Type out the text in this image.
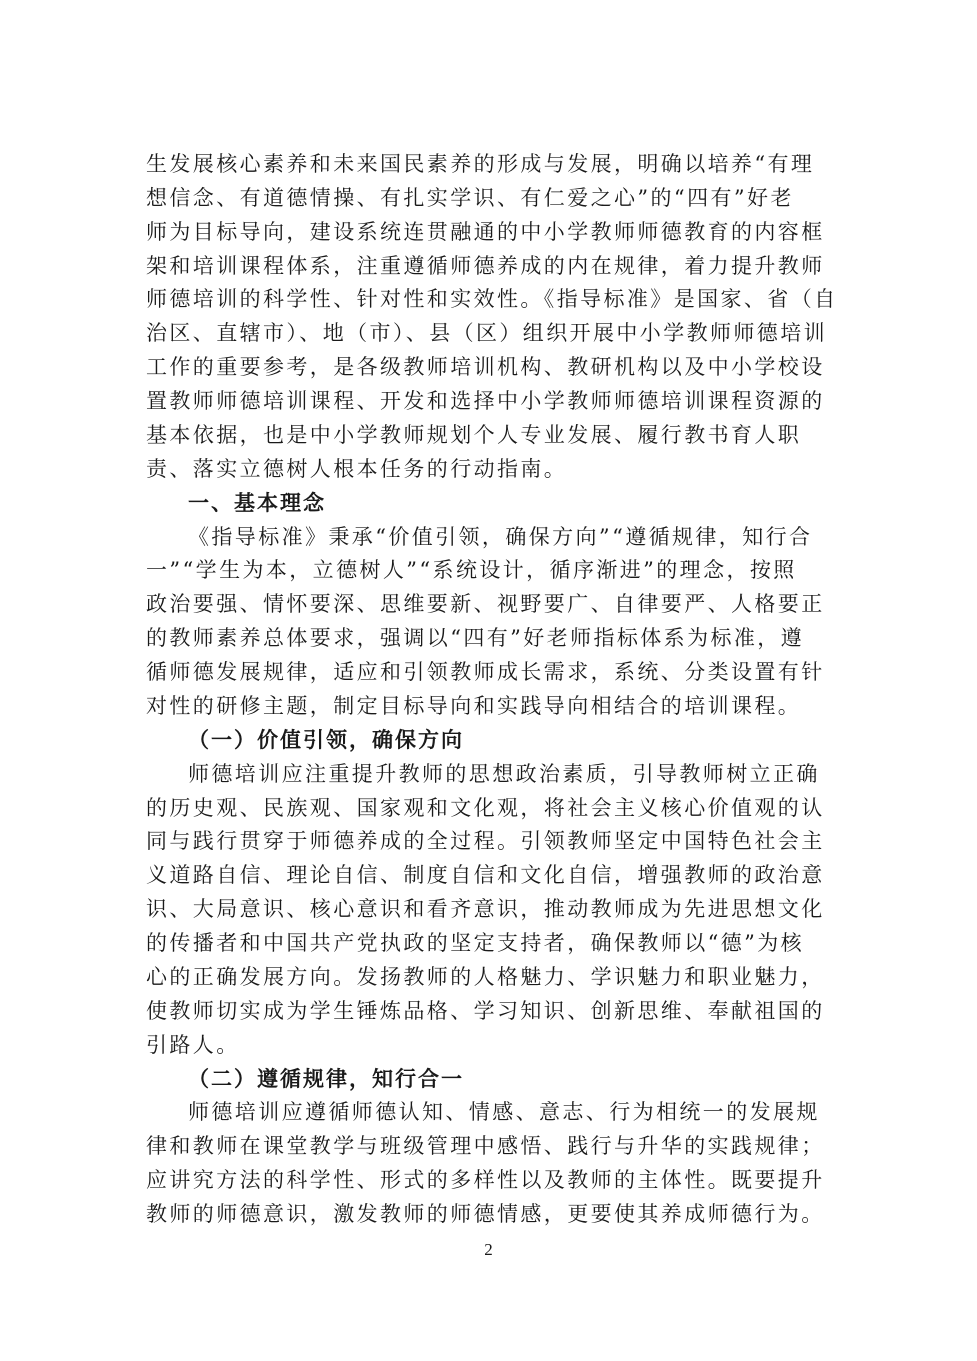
生发展核心素养和未来国民素养的形成与发展，明确以培养“有理
想信念、有道德情操、有扎实学识、有仁爱之心”的“四有”好老
师为目标导向，建设系统连贯融通的中小学教师师德教育的内容框
架和培训课程体系，注重遵循师德养成的内在规律，着力提升教师
师德培训的科学性、针对性和实效性。《指导标准》是国家、省（自
治区、直辖市）、地（市）、县（区）组织开展中小学教师师德培训
工作的重要参考，是各级教师培训机构、教研机构以及中小学校设
置教师师德培训课程、开发和选择中小学教师师德培训课程资源的
基本依据，也是中小学教师规划个人专业发展、履行教书育人职
责、落实立德树人根本任务的行动指南。
一、基本理念
《指导标准》秉承“价值引领，确保方向”“遵循规律，知行合
一”“学生为本，立德树人”“系统设计，循序渐进”的理念，按照
政治要强、情怀要深、思维要新、视野要广、自律要严、人格要正
的教师素养总体要求，强调以“四有”好老师指标体系为标准，遵
循师德发展规律，适应和引领教师成长需求，系统、分类设置有针
对性的研修主题，制定目标导向和实践导向相结合的培训课程。
（一）价值引领，确保方向
师德培训应注重提升教师的思想政治素质，引导教师树立正确
的历史观、民族观、国家观和文化观，将社会主义核心价值观的认
同与践行贯穿于师德养成的全过程。引领教师坚定中国特色社会主
义道路自信、理论自信、制度自信和文化自信，增强教师的政治意
识、大局意识、核心意识和看齐意识，推动教师成为先进思想文化
的传播者和中国共产党执政的坚定支持者，确保教师以“德”为核
心的正确发展方向。发扬教师的人格魅力、学识魅力和职业魅力，
使教师切实成为学生锤炼品格、学习知识、创新思维、奉献祖国的
引路人。
（二）遵循规律，知行合一
师德培训应遵循师德认知、情感、意志、行为相统一的发展规
律和教师在课堂教学与班级管理中感悟、践行与升华的实践规律；
应讲究方法的科学性、形式的多样性以及教师的主体性。既要提升
教师的师德意识，激发教师的师德情感，更要使其养成师德行为。
2
